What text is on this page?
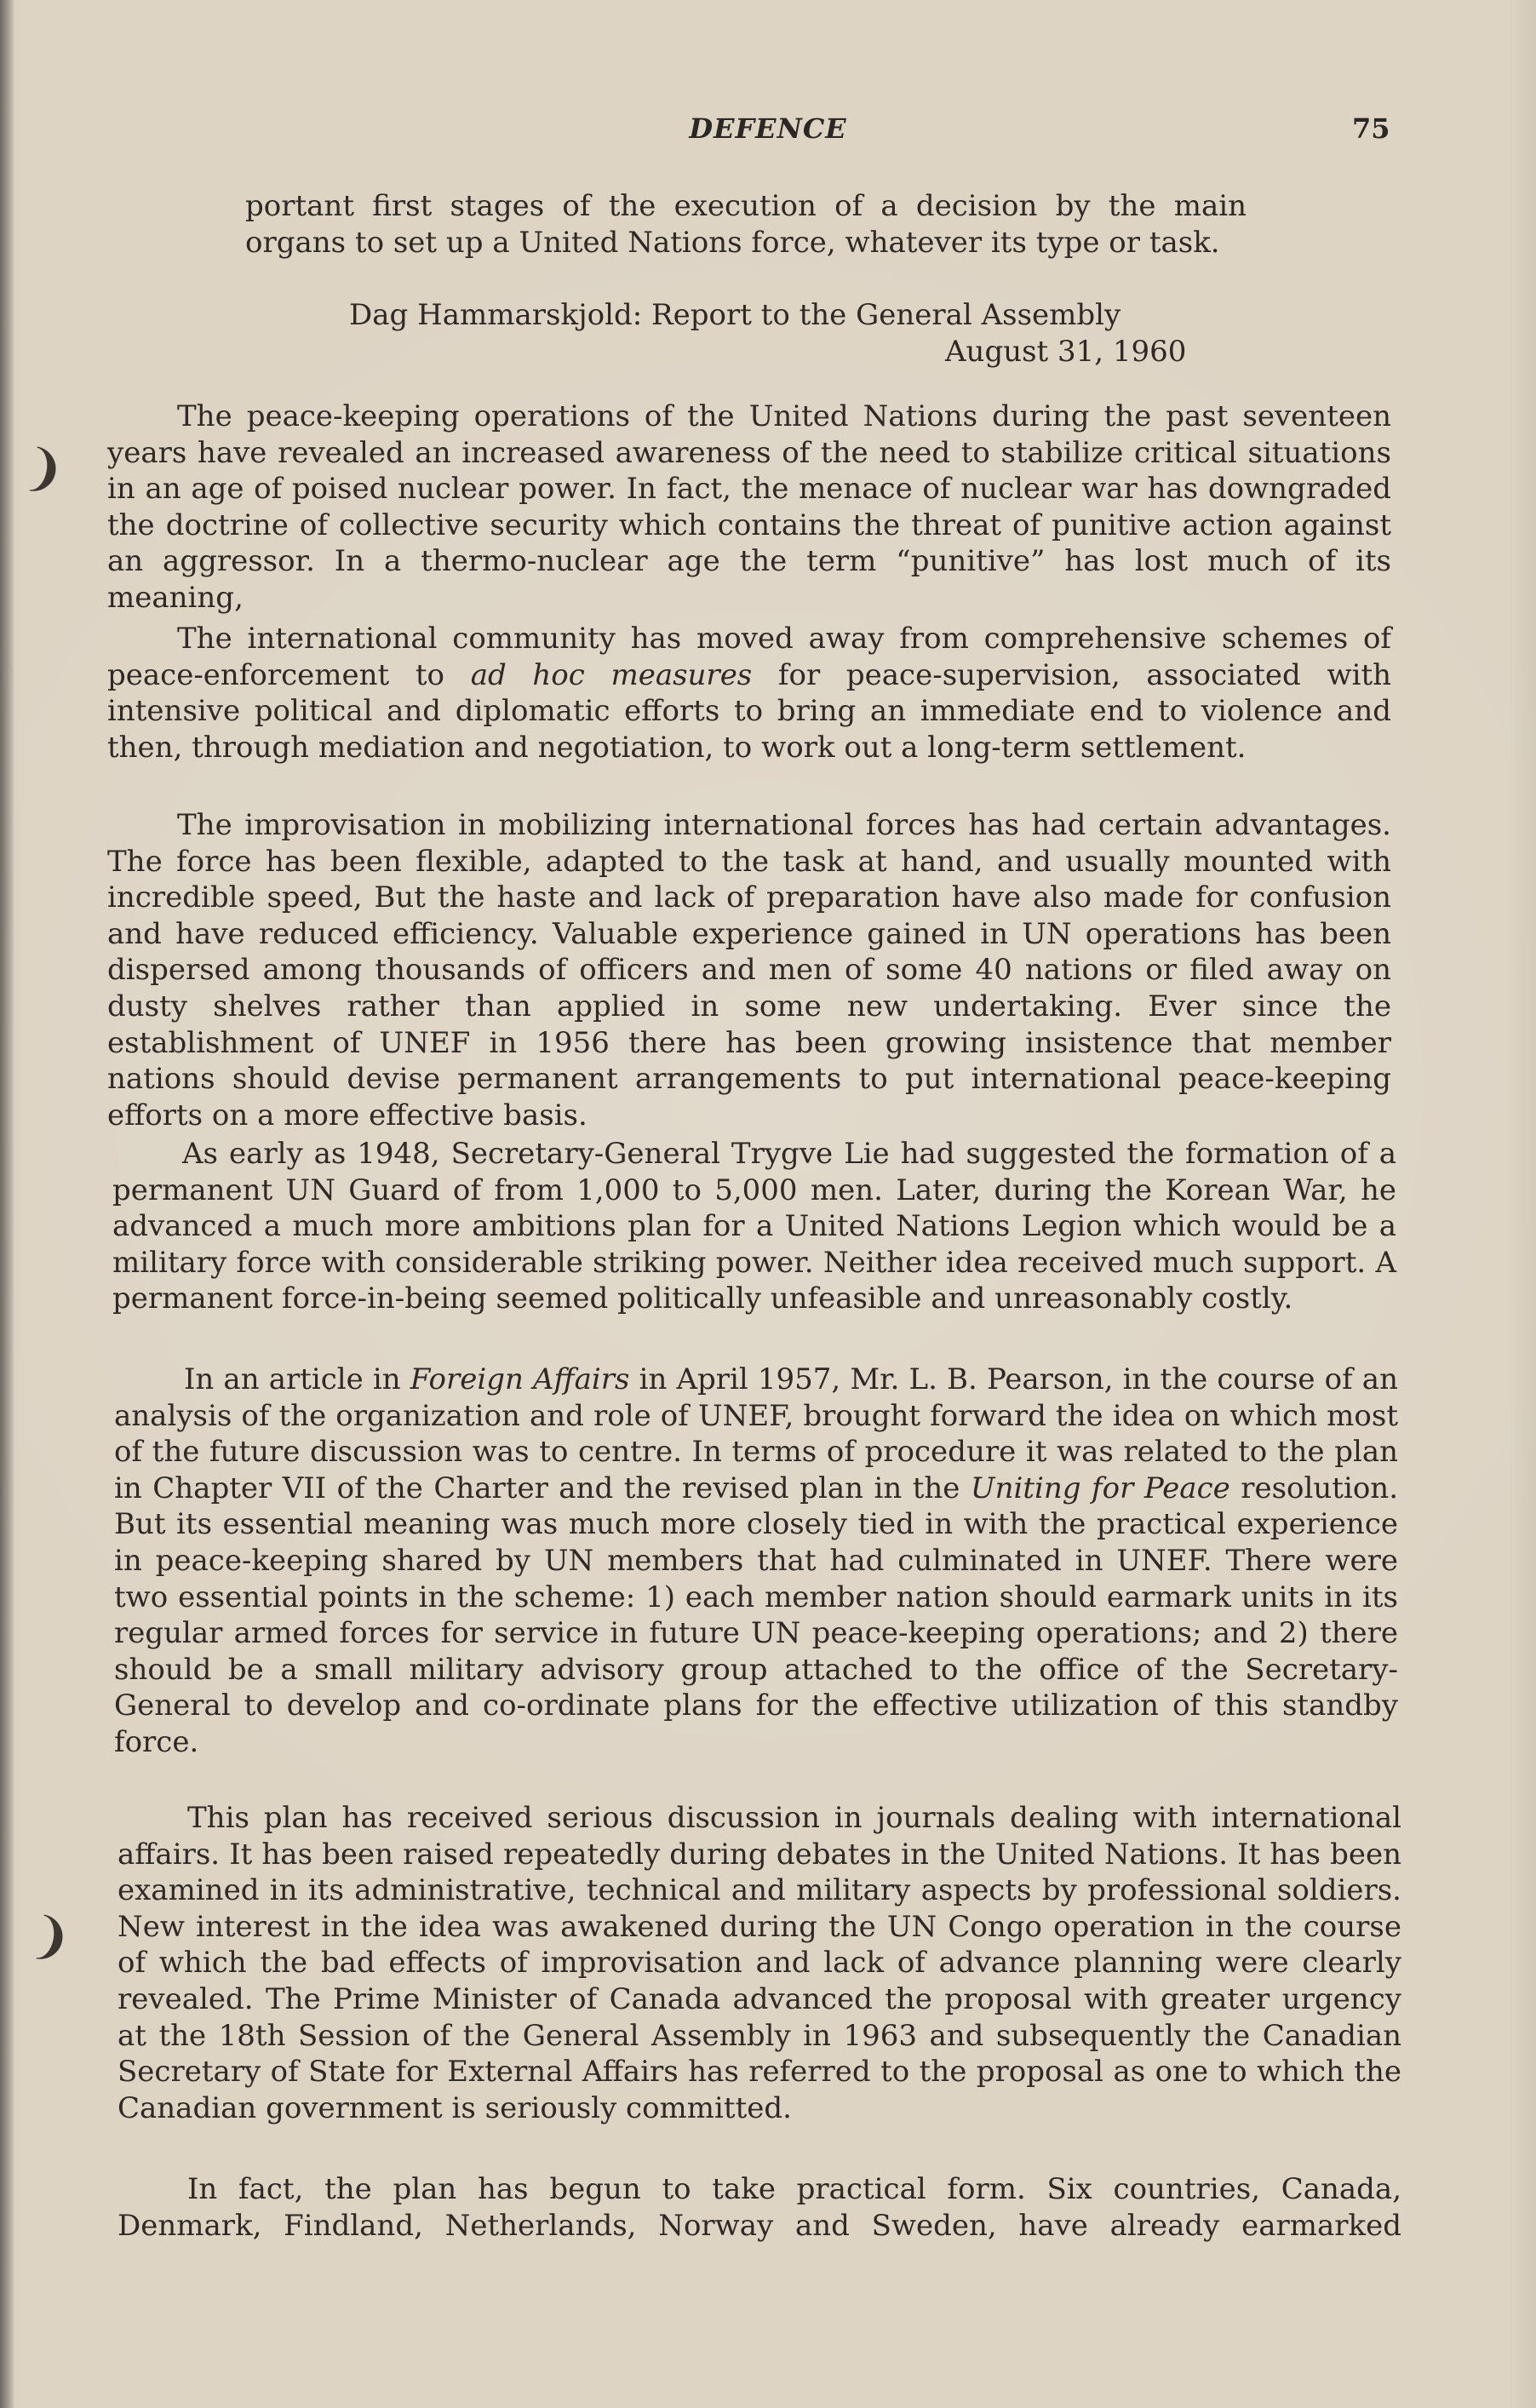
❩
❩
DEFENCE	75
portant first stages of the execution of a decision by the main organs to set up a United Nations force, whatever its type or task.
Dag Hammarskjold: Report to the General Assembly
August 31, 1960
The peace-keeping operations of the United Nations during the past seventeen years have revealed an increased awareness of the need to stabilize critical situations in an age of poised nuclear power. In fact, the menace of nuclear war has downgraded the doctrine of collective security which contains the threat of punitive action against an aggressor. In a thermo-nuclear age the term “punitive” has lost much of its meaning,
The international community has moved away from comprehensive schemes of peace-enforcement to ad hoc measures for peace-supervision, associated with intensive political and diplomatic efforts to bring an immediate end to violence and then, through mediation and negotiation, to work out a long-term settlement.
The improvisation in mobilizing international forces has had certain advantages. The force has been flexible, adapted to the task at hand, and usually mounted with incredible speed, But the haste and lack of preparation have also made for confusion and have reduced efficiency. Valuable experience gained in UN operations has been dispersed among thousands of officers and men of some 40 nations or filed away on dusty shelves rather than applied in some new undertaking. Ever since the establishment of UNEF in 1956 there has been growing insistence that member nations should devise permanent arrangements to put international peace-keeping efforts on a more effective basis.
As early as 1948, Secretary-General Trygve Lie had suggested the formation of a permanent UN Guard of from 1,000 to 5,000 men. Later, during the Korean War, he advanced a much more ambitions plan for a United Nations Legion which would be a military force with considerable striking power. Neither idea received much support. A permanent force-in-being seemed politically unfeasible and unreasonably costly.
In an article in Foreign Affairs in April 1957, Mr. L. B. Pearson, in the course of an analysis of the organization and role of UNEF, brought forward the idea on which most of the future discussion was to centre. In terms of procedure it was related to the plan in Chapter VII of the Charter and the revised plan in the Uniting for Peace resolution. But its essential meaning was much more closely tied in with the practical experience in peace-keeping shared by UN members that had culminated in UNEF. There were two essential points in the scheme: 1) each member nation should earmark units in its regular armed forces for service in future UN peace-keeping operations; and 2) there should be a small military advisory group attached to the office of the Secretary-General to develop and co-ordinate plans for the effective utilization of this standby force.
This plan has received serious discussion in journals dealing with international affairs. It has been raised repeatedly during debates in the United Nations. It has been examined in its administrative, technical and military aspects by professional soldiers. New interest in the idea was awakened during the UN Congo operation in the course of which the bad effects of improvisation and lack of advance planning were clearly revealed. The Prime Minister of Canada advanced the proposal with greater urgency at the 18th Session of the General Assembly in 1963 and subsequently the Canadian Secretary of State for External Affairs has referred to the proposal as one to which the Canadian government is seriously committed.
In fact, the plan has begun to take practical form. Six countries, Canada, Denmark, Findland, Netherlands, Norway and Sweden, have already earmarked
